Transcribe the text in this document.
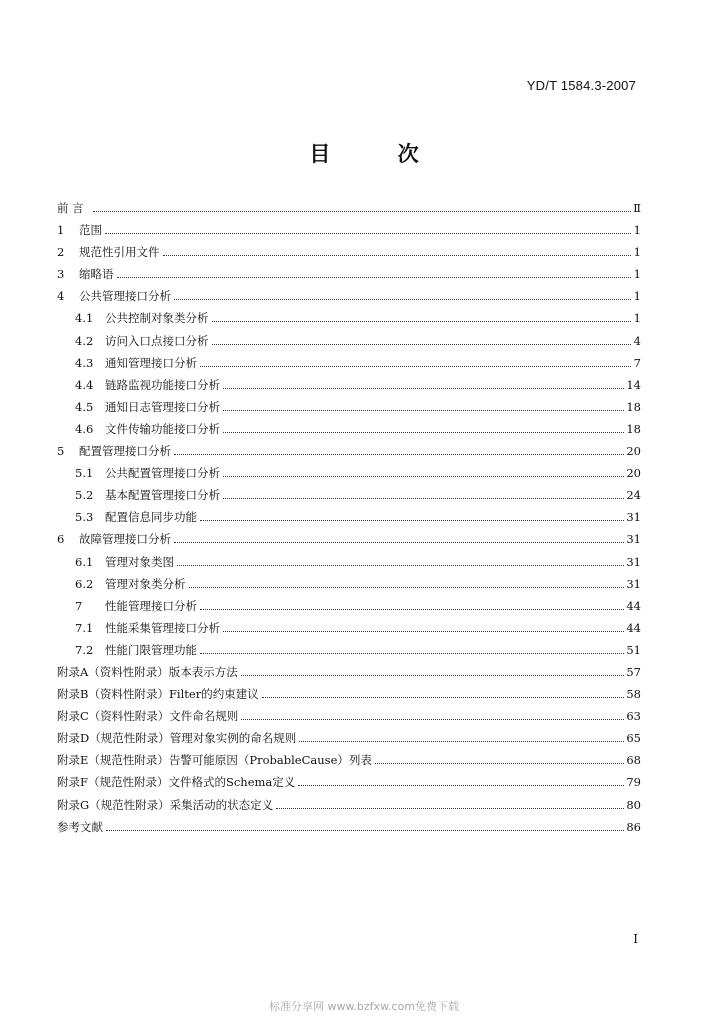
YD/T 1584.3-2007
目 次
前 言	Ⅱ
1	范围	1
2	规范性引用文件	1
3	缩略语	1
4	公共管理接口分析	1
4.1	公共控制对象类分析	1
4.2	访问入口点接口分析	4
4.3	通知管理接口分析	7
4.4	链路监视功能接口分析	14
4.5	通知日志管理接口分析	18
4.6	文件传输功能接口分析	18
5	配置管理接口分析	20
5.1	公共配置管理接口分析	20
5.2	基本配置管理接口分析	24
5.3	配置信息同步功能	31
6	故障管理接口分析	31
6.1	管理对象类图	31
6.2	管理对象类分析	31
7	性能管理接口分析	44
7.1	性能采集管理接口分析	44
7.2	性能门限管理功能	51
附录A（资料性附录）版本表示方法	57
附录B（资料性附录）Filter的约束建议	58
附录C（资料性附录）文件命名规则	63
附录D（规范性附录）管理对象实例的命名规则	65
附录E（规范性附录）告警可能原因（ProbableCause）列表	68
附录F（规范性附录）文件格式的Schema定义	79
附录G（规范性附录）采集活动的状态定义	80
参考文献	86
I
标准分享网 www.bzfxw.com免费下载
